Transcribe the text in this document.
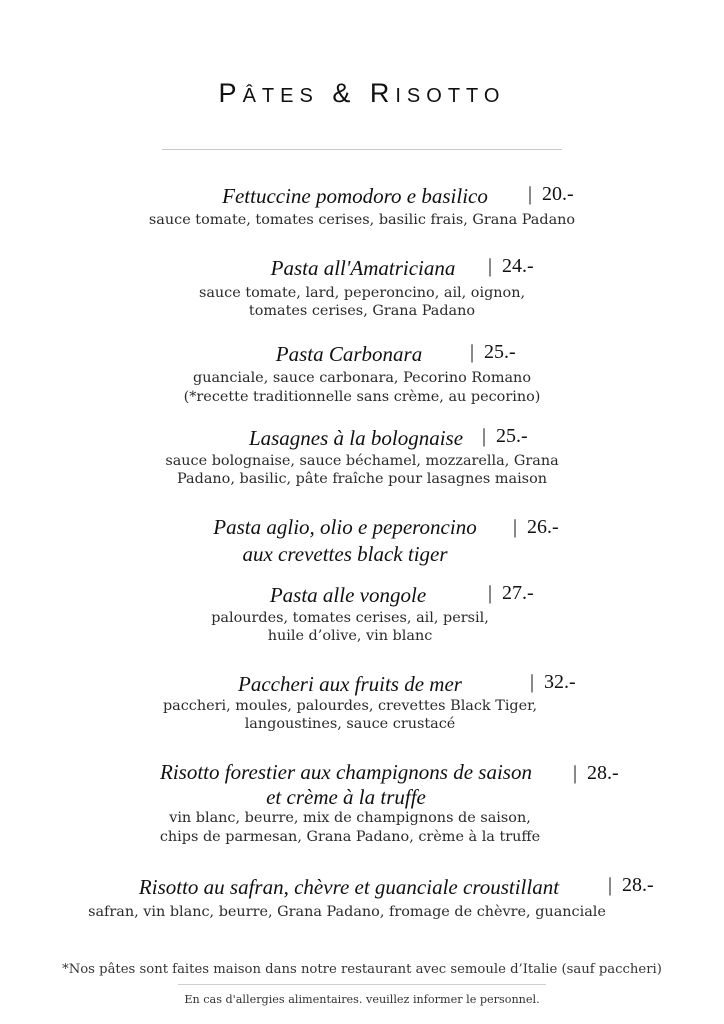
PÂTES & RISOTTO
Fettuccine pomodoro e basilico	| 20.-
sauce tomate, tomates cerises, basilic frais, Grana Padano
Pasta all'Amatriciana	| 24.-
sauce tomate, lard, peperoncino, ail, oignon,
tomates cerises, Grana Padano
Pasta Carbonara	| 25.-
guanciale, sauce carbonara, Pecorino Romano
(*recette traditionnelle sans crème, au pecorino)
Lasagnes à la bolognaise | 25.-
sauce bolognaise, sauce béchamel, mozzarella, Grana
Padano, basilic, pâte fraîche pour lasagnes maison
Pasta aglio, olio e peperoncino
aux crevettes black tiger
| 26.-
Pasta alle vongole	| 27.-
palourdes, tomates cerises, ail, persil,
huile d’olive, vin blanc
Paccheri aux fruits de mer	| 32.-
paccheri, moules, palourdes, crevettes Black Tiger,
langoustines, sauce crustacé
Risotto forestier aux champignons de saison
et crème à la truffe
| 28.-
vin blanc, beurre, mix de champignons de saison,
chips de parmesan, Grana Padano, crème à la truffe
Risotto au safran, chèvre et guanciale croustillant	| 28.-
safran, vin blanc, beurre, Grana Padano, fromage de chèvre, guanciale
*Nos pâtes sont faites maison dans notre restaurant avec semoule d’Italie (sauf paccheri)
En cas d'allergies alimentaires. veuillez informer le personnel.
